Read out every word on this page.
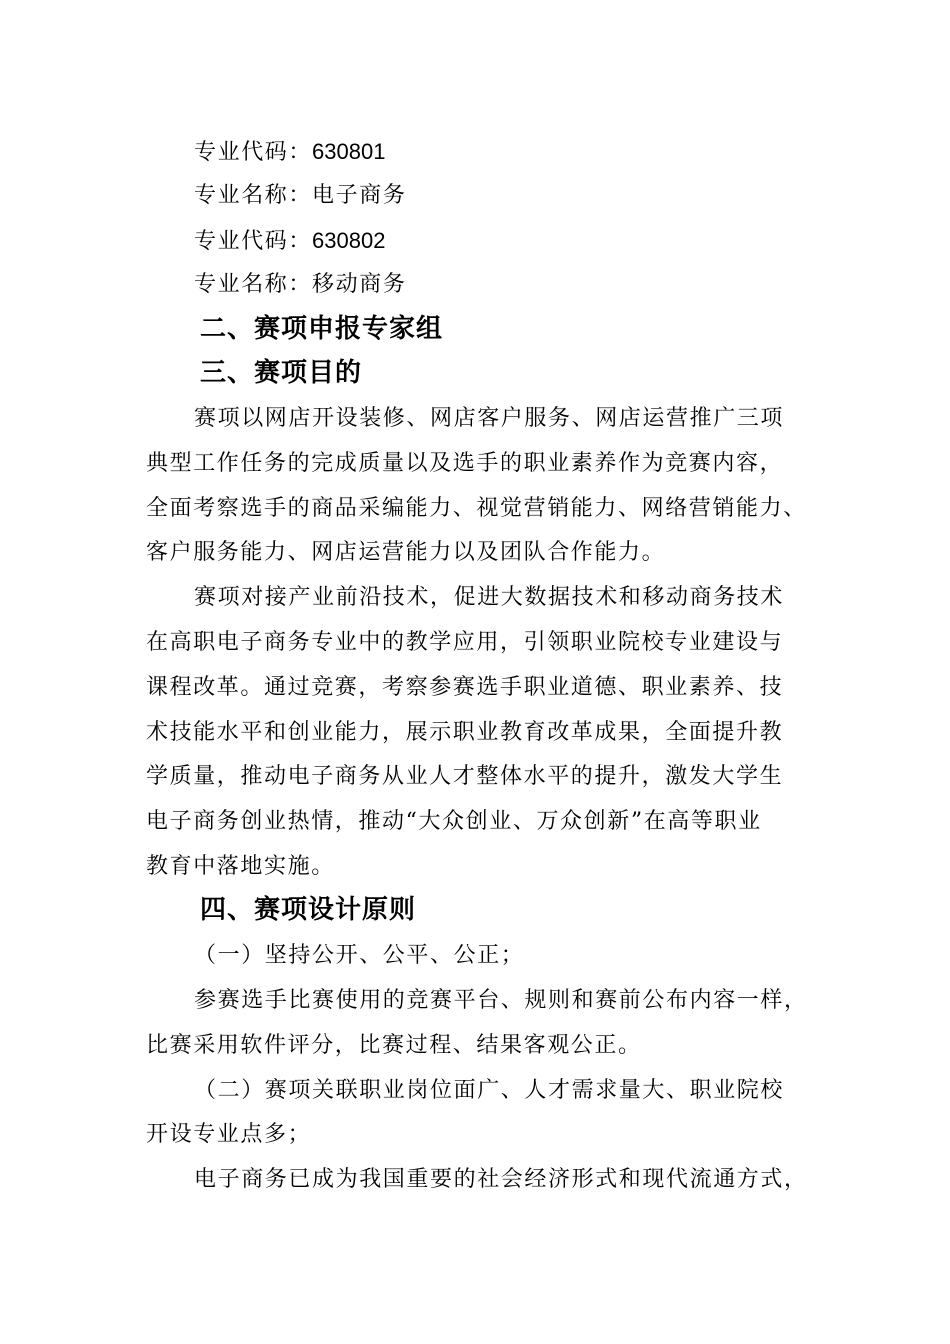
专业代码：630801
专业名称：电子商务
专业代码：630802
专业名称：移动商务
二、赛项申报专家组
三、赛项目的
赛项以网店开设装修、网店客户服务、网店运营推广三项
典型工作任务的完成质量以及选手的职业素养作为竞赛内容，
全面考察选手的商品采编能力、视觉营销能力、网络营销能力、
客户服务能力、网店运营能力以及团队合作能力。
赛项对接产业前沿技术，促进大数据技术和移动商务技术
在高职电子商务专业中的教学应用，引领职业院校专业建设与
课程改革。通过竞赛，考察参赛选手职业道德、职业素养、技
术技能水平和创业能力，展示职业教育改革成果，全面提升教
学质量，推动电子商务从业人才整体水平的提升，激发大学生
电子商务创业热情，推动“大众创业、万众创新”在高等职业
教育中落地实施。
四、赛项设计原则
（一）坚持公开、公平、公正；
参赛选手比赛使用的竞赛平台、规则和赛前公布内容一样，
比赛采用软件评分，比赛过程、结果客观公正。
（二）赛项关联职业岗位面广、人才需求量大、职业院校
开设专业点多；
电子商务已成为我国重要的社会经济形式和现代流通方式，
